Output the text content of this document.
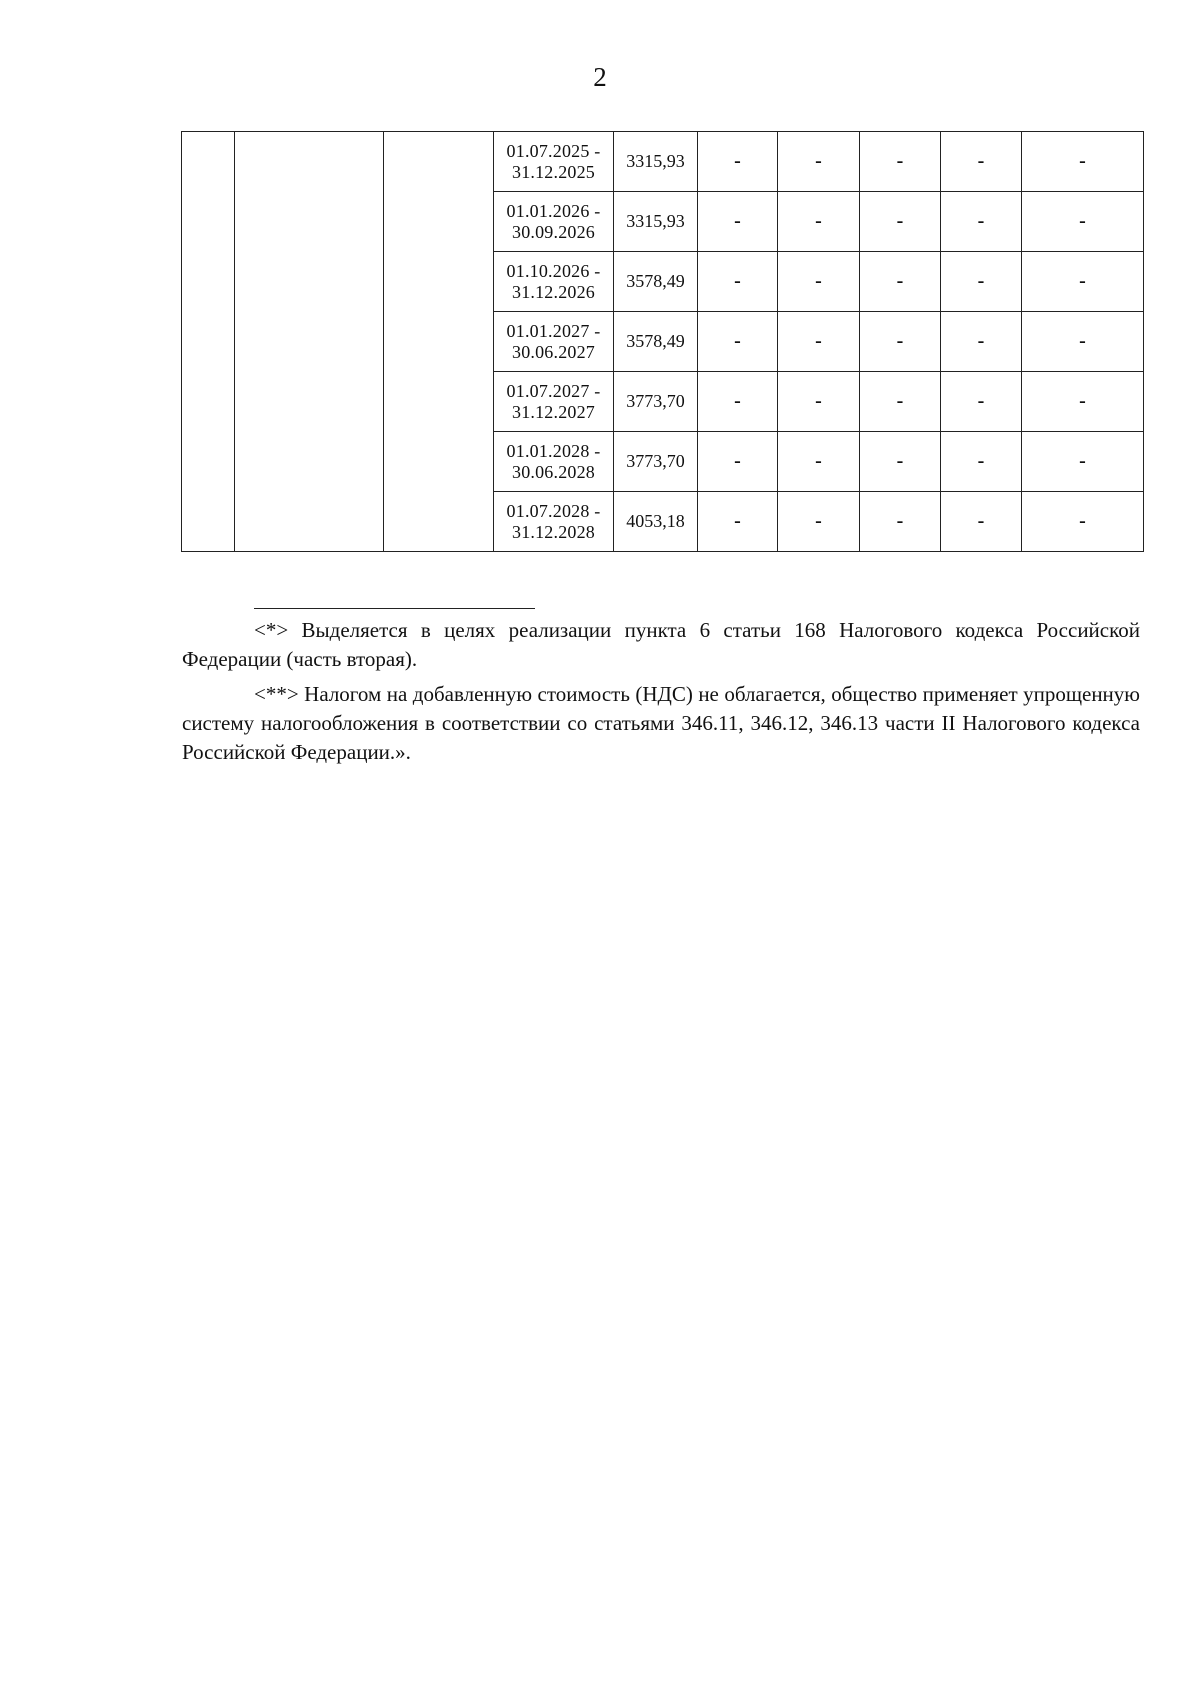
2
			01.07.2025 -
31.12.2025	3315,93	-	-	-	-	-
			01.01.2026 -
30.09.2026	3315,93	-	-	-	-	-
			01.10.2026 -
31.12.2026	3578,49	-	-	-	-	-
			01.01.2027 -
30.06.2027	3578,49	-	-	-	-	-
			01.07.2027 -
31.12.2027	3773,70	-	-	-	-	-
			01.01.2028 -
30.06.2028	3773,70	-	-	-	-	-
			01.07.2028 -
31.12.2028	4053,18	-	-	-	-	-

<*> Выделяется в целях реализации пункта 6 статьи 168 Налогового кодекса Российской Федерации (часть вторая).

<**> Налогом на добавленную стоимость (НДС) не облагается, общество применяет упрощенную систему налогообложения в соответствии со статьями 346.11, 346.12, 346.13 части II Налогового кодекса Российской Федерации.».
